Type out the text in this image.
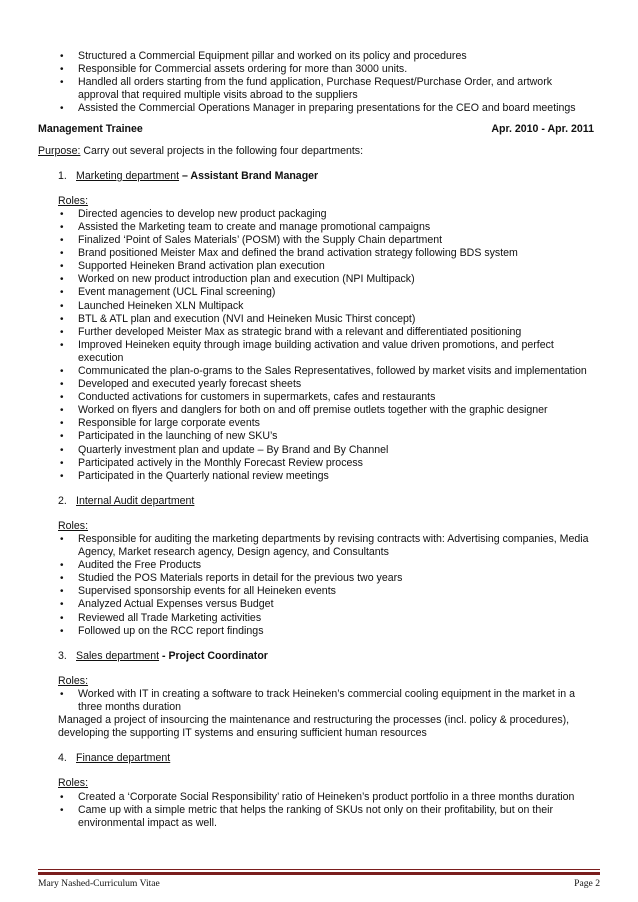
• Structured a Commercial Equipment pillar and worked on its policy and procedures
• Responsible for Commercial assets ordering for more than 3000 units.
• Handled all orders starting from the fund application, Purchase Request/Purchase Order, and artwork approval that required multiple visits abroad to the suppliers
• Assisted the Commercial Operations Manager in preparing presentations for the CEO and board meetings
Management Trainee	Apr. 2010 - Apr. 2011
Purpose: Carry out several projects in the following four departments:
1. Marketing department – Assistant Brand Manager
Roles:
• Directed agencies to develop new product packaging
• Assisted the Marketing team to create and manage promotional campaigns
• Finalized ‘Point of Sales Materials’ (POSM) with the Supply Chain department
• Brand positioned Meister Max and defined the brand activation strategy following BDS system
• Supported Heineken Brand activation plan execution
• Worked on new product introduction plan and execution (NPI Multipack)
• Event management (UCL Final screening)
• Launched Heineken XLN Multipack
• BTL & ATL plan and execution (NVI and Heineken Music Thirst concept)
• Further developed Meister Max as strategic brand with a relevant and differentiated positioning
• Improved Heineken equity through image building activation and value driven promotions, and perfect execution
• Communicated the plan-o-grams to the Sales Representatives, followed by market visits and implementation
• Developed and executed yearly forecast sheets
• Conducted activations for customers in supermarkets, cafes and restaurants
• Worked on flyers and danglers for both on and off premise outlets together with the graphic designer
• Responsible for large corporate events
• Participated in the launching of new SKU’s
• Quarterly investment plan and update – By Brand and By Channel
• Participated actively in the Monthly Forecast Review process
• Participated in the Quarterly national review meetings
2. Internal Audit department
Roles:
• Responsible for auditing the marketing departments by revising contracts with: Advertising companies, Media Agency, Market research agency, Design agency, and Consultants
• Audited the Free Products
• Studied the POS Materials reports in detail for the previous two years
• Supervised sponsorship events for all Heineken events
• Analyzed Actual Expenses versus Budget
• Reviewed all Trade Marketing activities
• Followed up on the RCC report findings
3. Sales department - Project Coordinator
Roles:
• Worked with IT in creating a software to track Heineken’s commercial cooling equipment in the market in a three months duration
Managed a project of insourcing the maintenance and restructuring the processes (incl. policy & procedures), developing the supporting IT systems and ensuring sufficient human resources
4. Finance department
Roles:
• Created a ‘Corporate Social Responsibility’ ratio of Heineken’s product portfolio in a three months duration
• Came up with a simple metric that helps the ranking of SKUs not only on their profitability, but on their environmental impact as well.
Mary Nashed-Curriculum Vitae	Page 2
